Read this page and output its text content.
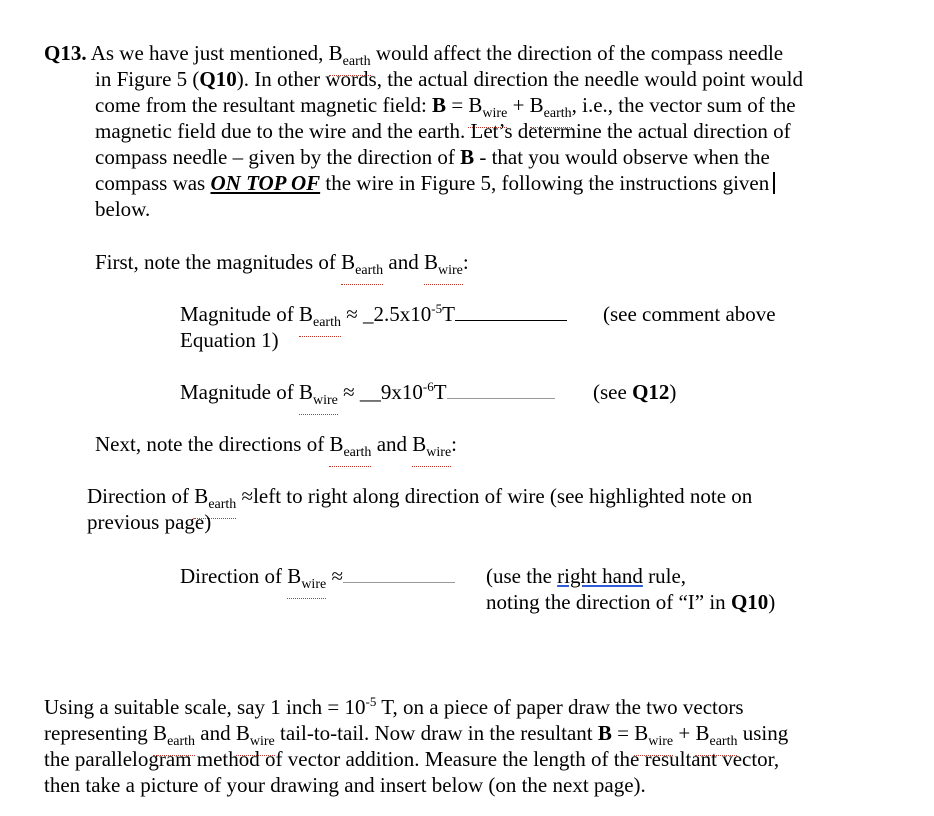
Q13. As we have just mentioned, $B_{earth}$ would affect the direction of the compass needle
in Figure 5 (Q10). In other words, the actual direction the needle would point would
come from the resultant magnetic field: $B = B_{wire} + B_{earth}$, i.e., the vector sum of the
magnetic field due to the wire and the earth. Let’s determine the actual direction of
compass needle – given by the direction of B - that you would observe when the
compass was ON TOP OF the wire in Figure 5, following the instructions given
below.
First, note the magnitudes of $B_{earth}$ and $B_{wire}$:
Magnitude of $B_{earth}$ ≈ $\_2.5x10^{-5}T$	(see comment above
Equation 1)
Magnitude of $B_{wire}$ ≈ $\_\_9x10^{-6}T$	(see Q12)
Next, note the directions of $B_{earth}$ and $B_{wire}$:
Direction of $B_{earth}$ ≈left to right along direction of wire (see highlighted note on
previous page)
Direction of $B_{wire}$ ≈	(use the right hand rule,
noting the direction of “I” in Q10)
Using a suitable scale, say 1 inch = $10^{-5}$ T, on a piece of paper draw the two vectors
representing $B_{earth}$ and $B_{wire}$ tail-to-tail. Now draw in the resultant $B = B_{wire} + B_{earth}$ using
the parallelogram method of vector addition. Measure the length of the resultant vector,
then take a picture of your drawing and insert below (on the next page).
